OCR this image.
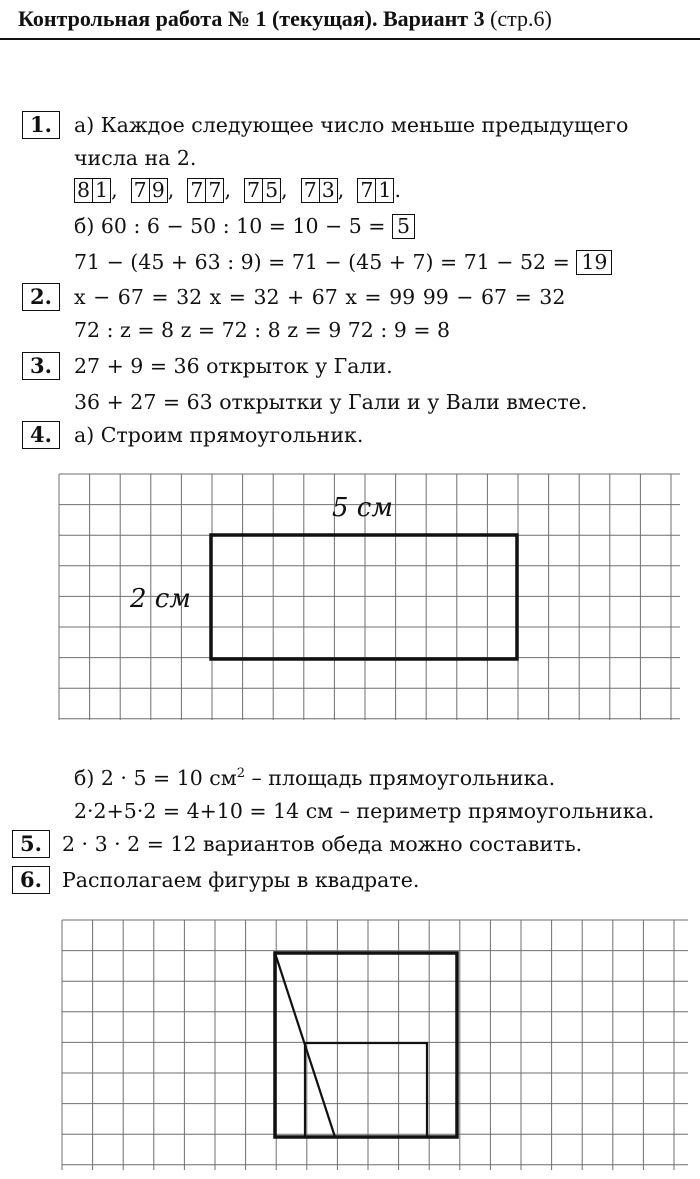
Контрольная работа № 1 (текущая). Вариант 3 (стр.6)
1.	а) Каждое следующее число меньше предыдущего
числа на 2.
8 1 , 7 9 , 7 7 , 7 5 , 7 3 , 7 1 .
б) 60 : 6 − 50 : 10 = 10 − 5 = 5
71 − (45 + 63 : 9) = 71 − (45 + 7) = 71 − 52 = 19
2.	x − 67 = 32 x = 32 + 67 x = 99 99 − 67 = 32
72 : z = 8 z = 72 : 8 z = 9 72 : 9 = 8
3.	27 + 9 = 36 открыток у Гали.
36 + 27 = 63 открытки у Гали и у Вали вместе.
4.	а) Строим прямоугольник.
5 см
2 см
б) 2 · 5 = 10 $см^2$ – площадь прямоугольника.
2·2+5·2 = 4+10 = 14 см – периметр прямоугольника.
5. 2 · 3 · 2 = 12 вариантов обеда можно составить.
6. Располагаем фигуры в квадрате.
